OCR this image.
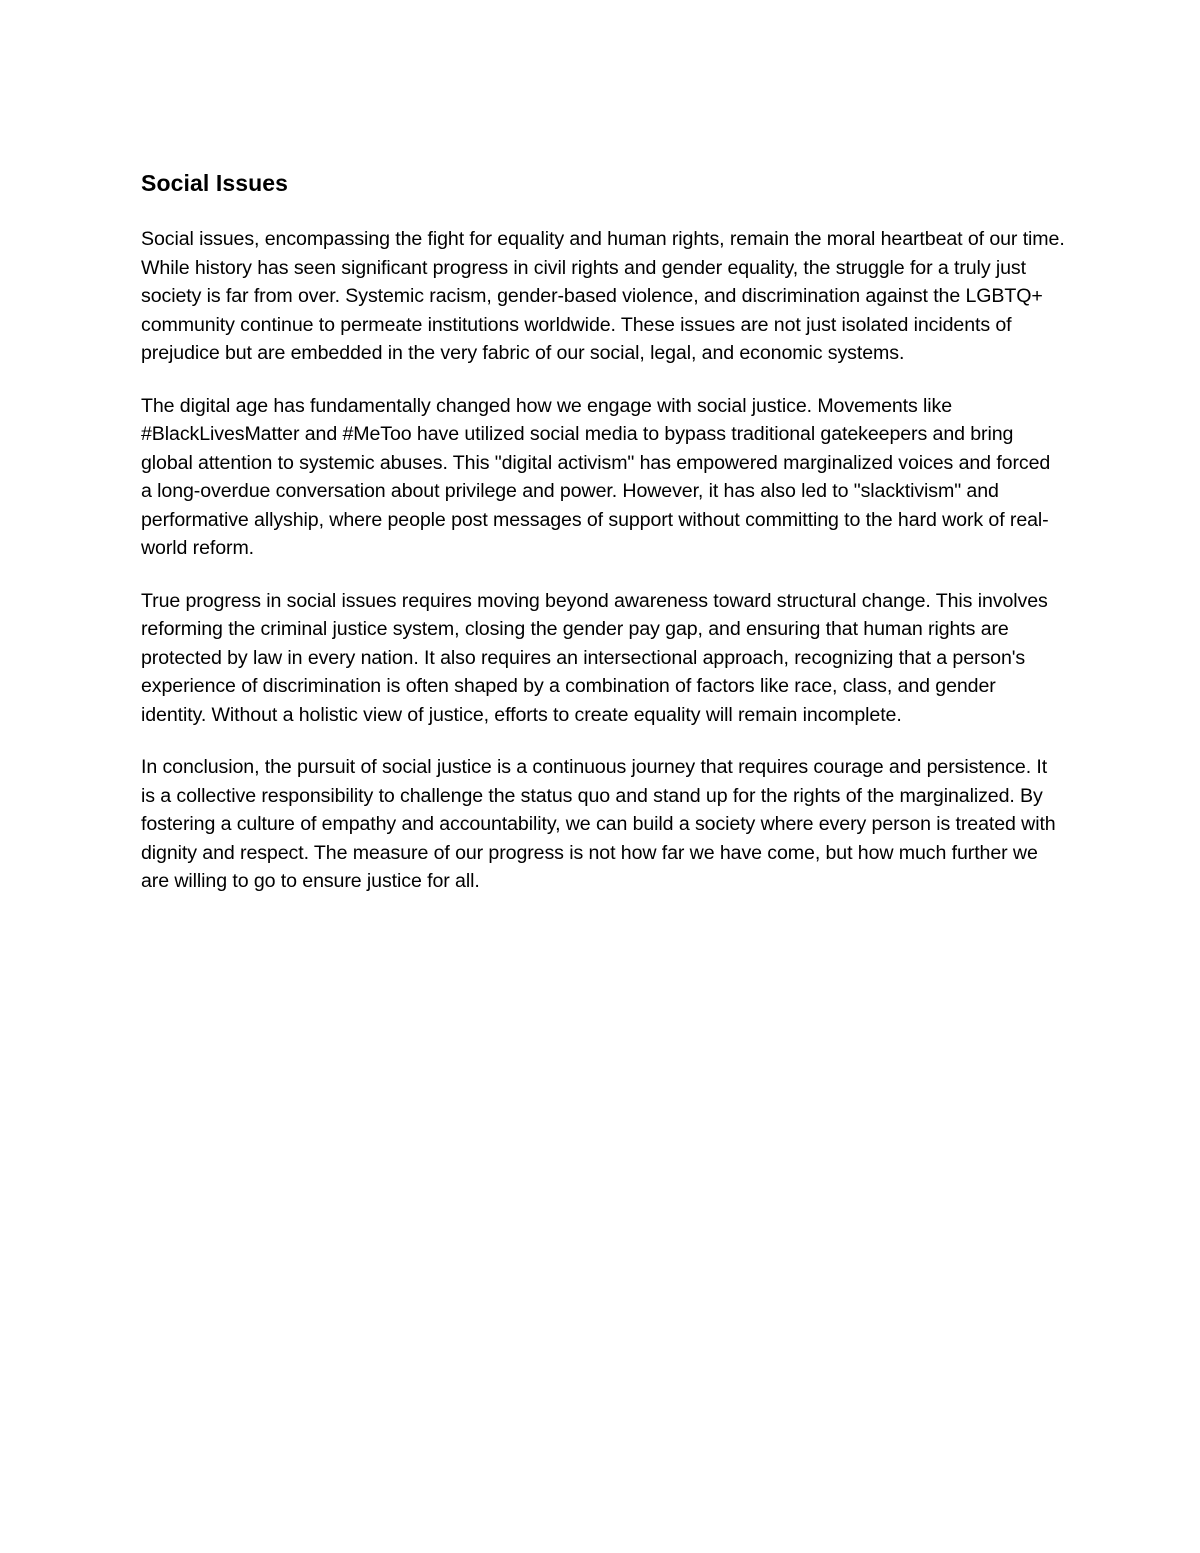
Social Issues

Social issues, encompassing the fight for equality and human rights, remain the moral heartbeat of our time. While history has seen significant progress in civil rights and gender equality, the struggle for a truly just society is far from over. Systemic racism, gender-based violence, and discrimination against the LGBTQ+ community continue to permeate institutions worldwide. These issues are not just isolated incidents of prejudice but are embedded in the very fabric of our social, legal, and economic systems.

The digital age has fundamentally changed how we engage with social justice. Movements like #BlackLivesMatter and #MeToo have utilized social media to bypass traditional gatekeepers and bring global attention to systemic abuses. This "digital activism" has empowered marginalized voices and forced a long-overdue conversation about privilege and power. However, it has also led to "slacktivism" and performative allyship, where people post messages of support without committing to the hard work of real-world reform.

True progress in social issues requires moving beyond awareness toward structural change. This involves reforming the criminal justice system, closing the gender pay gap, and ensuring that human rights are protected by law in every nation. It also requires an intersectional approach, recognizing that a person's experience of discrimination is often shaped by a combination of factors like race, class, and gender identity. Without a holistic view of justice, efforts to create equality will remain incomplete.

In conclusion, the pursuit of social justice is a continuous journey that requires courage and persistence. It is a collective responsibility to challenge the status quo and stand up for the rights of the marginalized. By fostering a culture of empathy and accountability, we can build a society where every person is treated with dignity and respect. The measure of our progress is not how far we have come, but how much further we are willing to go to ensure justice for all.
